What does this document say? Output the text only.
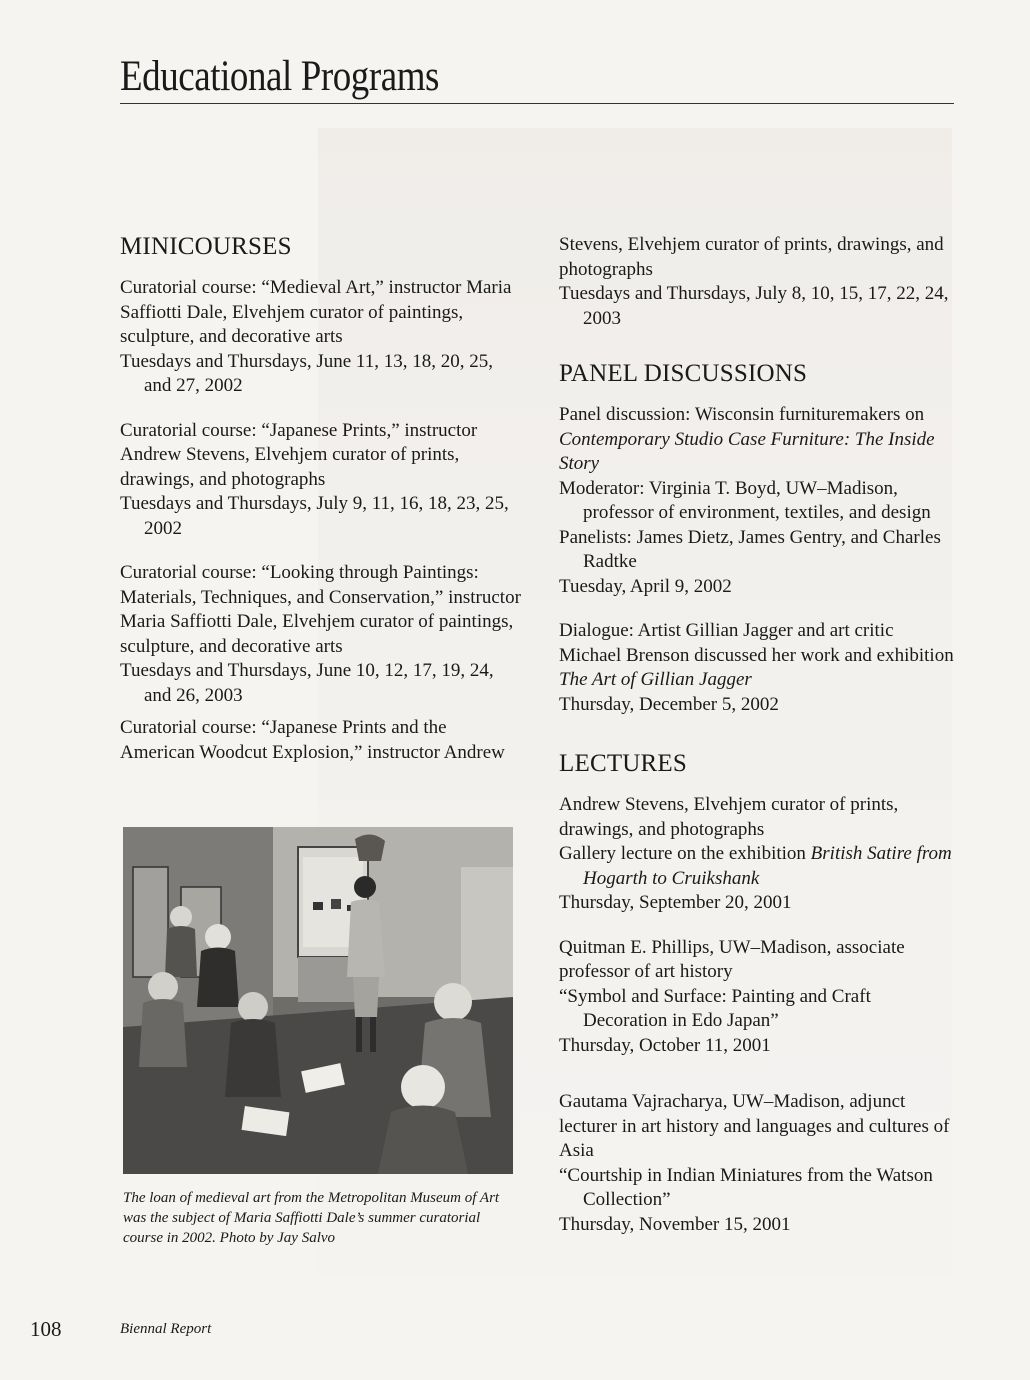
Educational Programs
MINICOURSES

Curatorial course: “Medieval Art,” instructor Maria Saffiotti Dale, Elvehjem curator of paintings, sculpture, and decorative arts

Tuesdays and Thursdays, June 11, 13, 18, 20, 25, and 27, 2002

Curatorial course: “Japanese Prints,” instructor Andrew Stevens, Elvehjem curator of prints, drawings, and photographs

Tuesdays and Thursdays, July 9, 11, 16, 18, 23, 25, 2002

Curatorial course: “Looking through Paintings: Materials, Techniques, and Conservation,” instructor Maria Saffiotti Dale, Elvehjem curator of paintings, sculpture, and decorative arts

Tuesdays and Thursdays, June 10, 12, 17, 19, 24, and 26, 2003

Curatorial course: “Japanese Prints and the American Woodcut Explosion,” instructor Andrew

The loan of medieval art from the Metropolitan Museum of Art was the subject of Maria Saffiotti Dale’s summer curatorial course in 2002. Photo by Jay Salvo

Stevens, Elvehjem curator of prints, drawings, and photographs

Tuesdays and Thursdays, July 8, 10, 15, 17, 22, 24, 2003

PANEL DISCUSSIONS

Panel discussion: Wisconsin furnituremakers on Contemporary Studio Case Furniture: The Inside Story

Moderator: Virginia T. Boyd, UW–Madison, professor of environment, textiles, and design

Panelists: James Dietz, James Gentry, and Charles Radtke

Tuesday, April 9, 2002

Dialogue: Artist Gillian Jagger and art critic Michael Brenson discussed her work and exhibition The Art of Gillian Jagger

Thursday, December 5, 2002

LECTURES

Andrew Stevens, Elvehjem curator of prints, drawings, and photographs

Gallery lecture on the exhibition British Satire from Hogarth to Cruikshank

Thursday, September 20, 2001

Quitman E. Phillips, UW–Madison, associate professor of art history

“Symbol and Surface: Painting and Craft Decoration in Edo Japan”

Thursday, October 11, 2001

Gautama Vajracharya, UW–Madison, adjunct lecturer in art history and languages and cultures of Asia

“Courtship in Indian Miniatures from the Watson Collection”

Thursday, November 15, 2001

108	Biennal Report
